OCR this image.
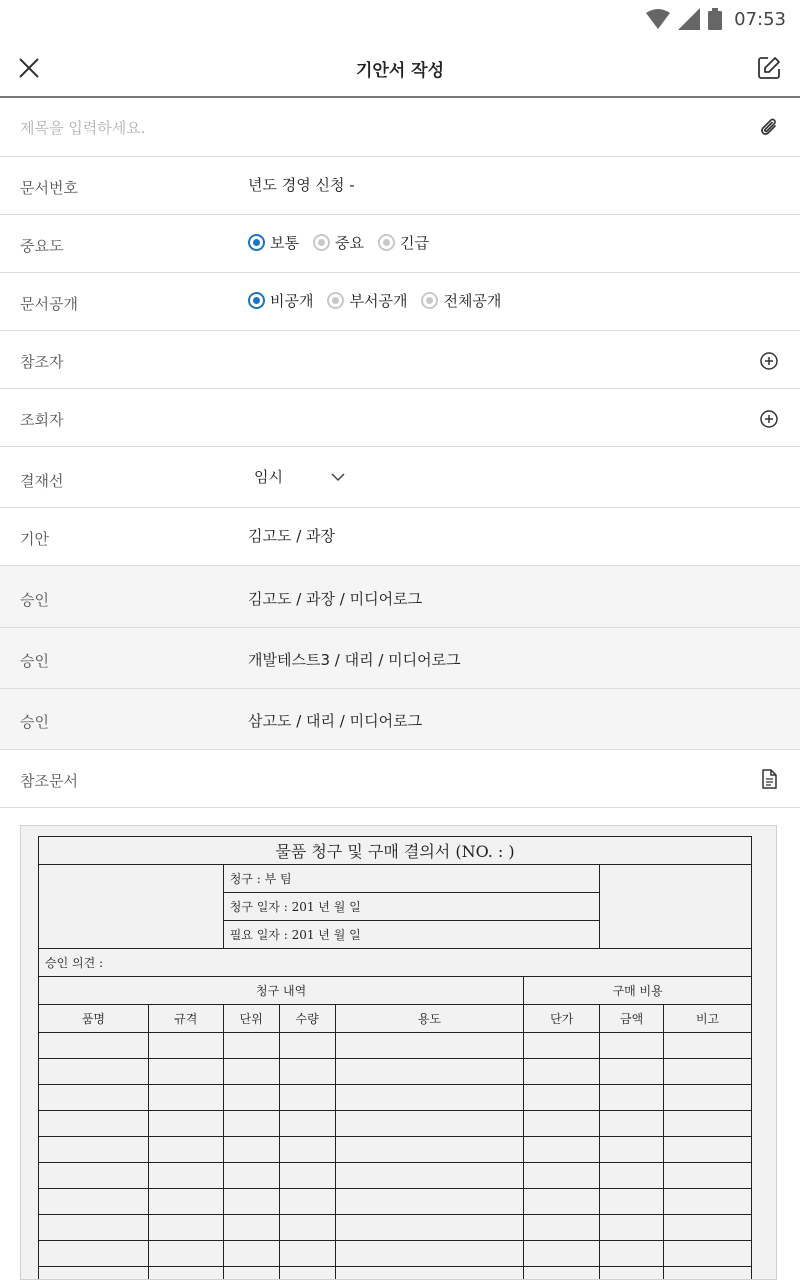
07:53
기안서 작성
제목을 입력하세요.
문서번호	년도 경영 신청 -
중요도	보통 중요 긴급
문서공개	비공개 부서공개 전체공개
참조자
조회자
결재선	임시
기안	김고도 / 과장
승인	김고도 / 과장 / 미디어로그
승인	개발테스트3 / 대리 / 미디어로그
승인	삼고도 / 대리 / 미디어로그
참조문서
물품 청구 및 구매 결의서 (NO. : )							
		청구 : 부 팀					
		청구 일자 : 201 년 월 일					
		필요 일자 : 201 년 월 일					
승인 의견 :							
청구 내역					구매 비용		
품명	규격	단위	수량	용도	단가	금액	비고
